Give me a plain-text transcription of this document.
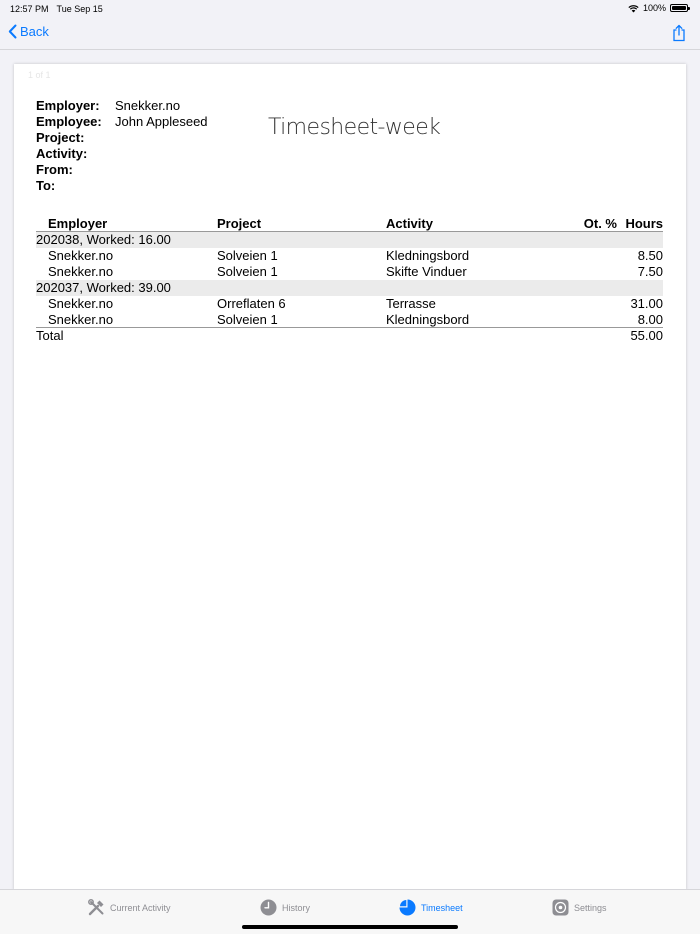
12:57 PM Tue Sep 15	100%
Back
1 of 1
Employer:	Snekker.no
Employee:	John Appleseed
Project:
Activity:
From:
To:
Timesheet-week
Employer	Project	Activity	Ot. % Hours
202038, Worked: 16.00
Snekker.no	Solveien 1	Kledningsbord	8.50
Snekker.no	Solveien 1	Skifte Vinduer	7.50
202037, Worked: 39.00
Snekker.no	Orreflaten 6	Terrasse	31.00
Snekker.no	Solveien 1	Kledningsbord	8.00
Total	55.00
Current Activity	History	Timesheet	Settings
